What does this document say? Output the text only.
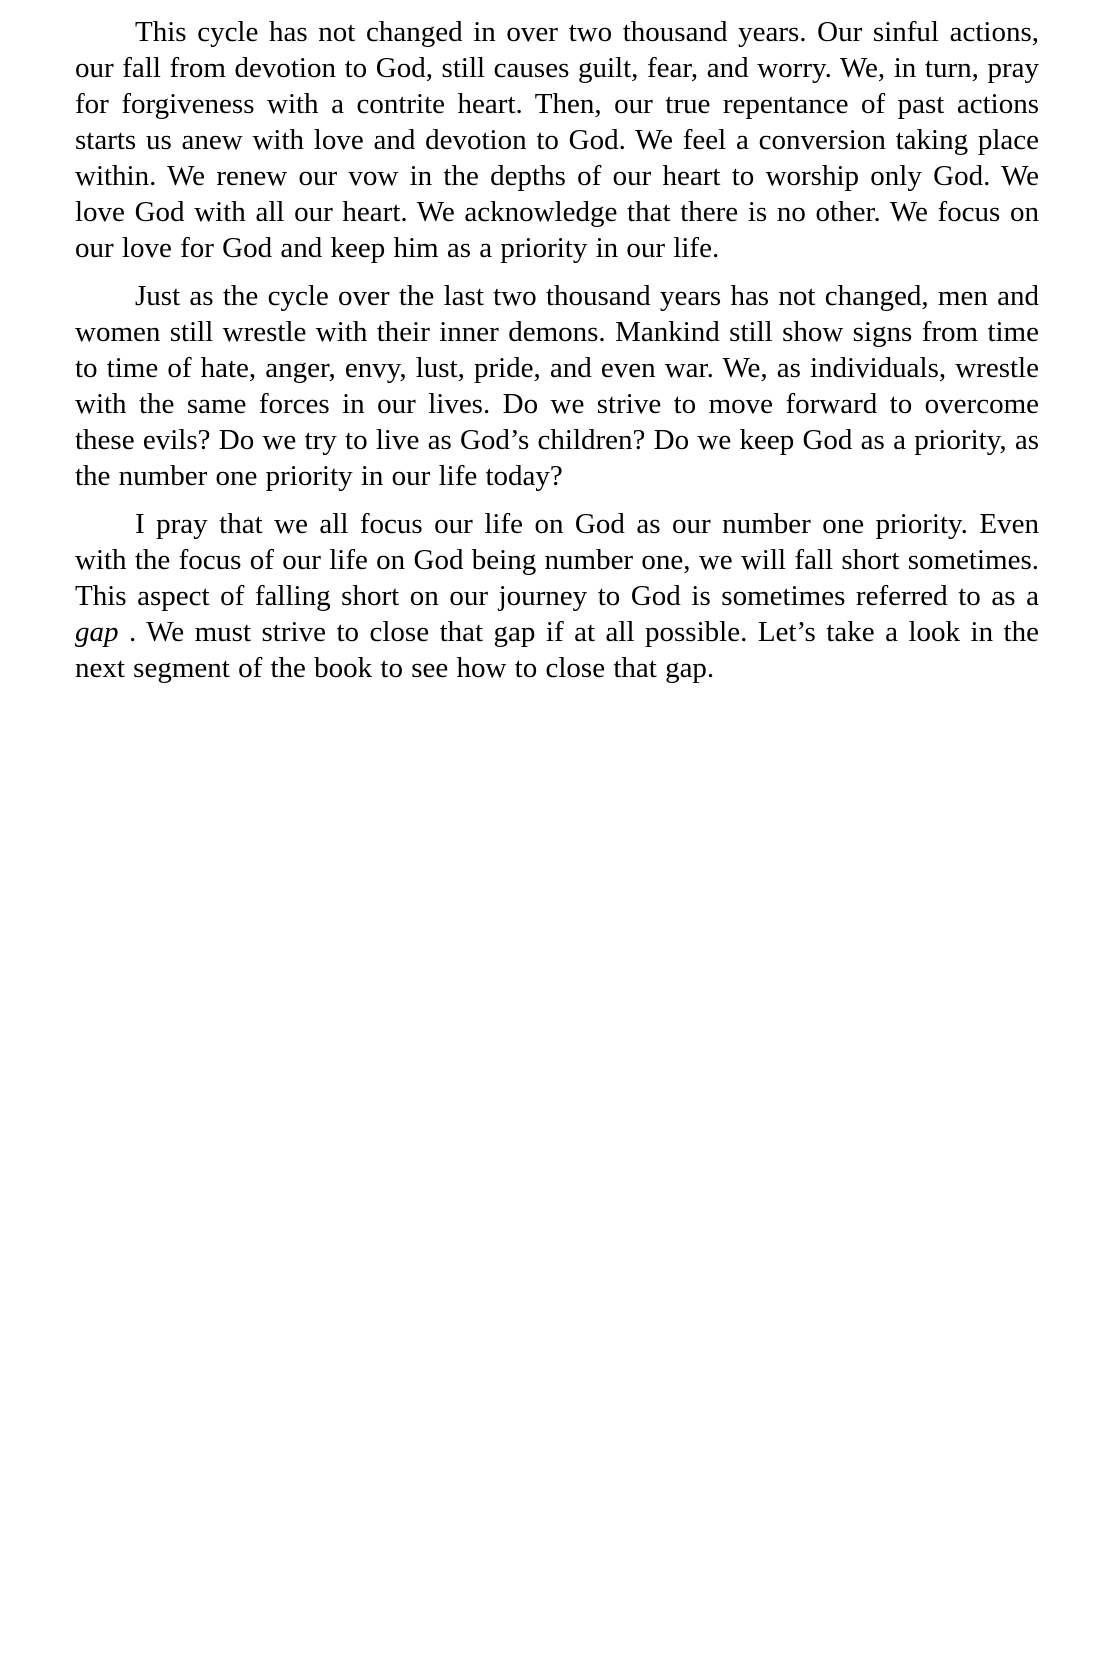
This cycle has not changed in over two thousand years. Our sinful actions, our fall from devotion to God, still causes guilt, fear, and worry. We, in turn, pray for forgiveness with a contrite heart. Then, our true repentance of past actions starts us anew with love and devotion to God. We feel a conversion taking place within. We renew our vow in the depths of our heart to worship only God. We love God with all our heart. We acknowledge that there is no other. We focus on our love for God and keep him as a priority in our life.

Just as the cycle over the last two thousand years has not changed, men and women still wrestle with their inner demons. Mankind still show signs from time to time of hate, anger, envy, lust, pride, and even war. We, as individuals, wrestle with the same forces in our lives. Do we strive to move forward to overcome these evils? Do we try to live as God’s children? Do we keep God as a priority, as the number one priority in our life today?

I pray that we all focus our life on God as our number one priority. Even with the focus of our life on God being number one, we will fall short sometimes. This aspect of falling short on our journey to God is sometimes referred to as a gap . We must strive to close that gap if at all possible. Let’s take a look in the next segment of the book to see how to close that gap.
